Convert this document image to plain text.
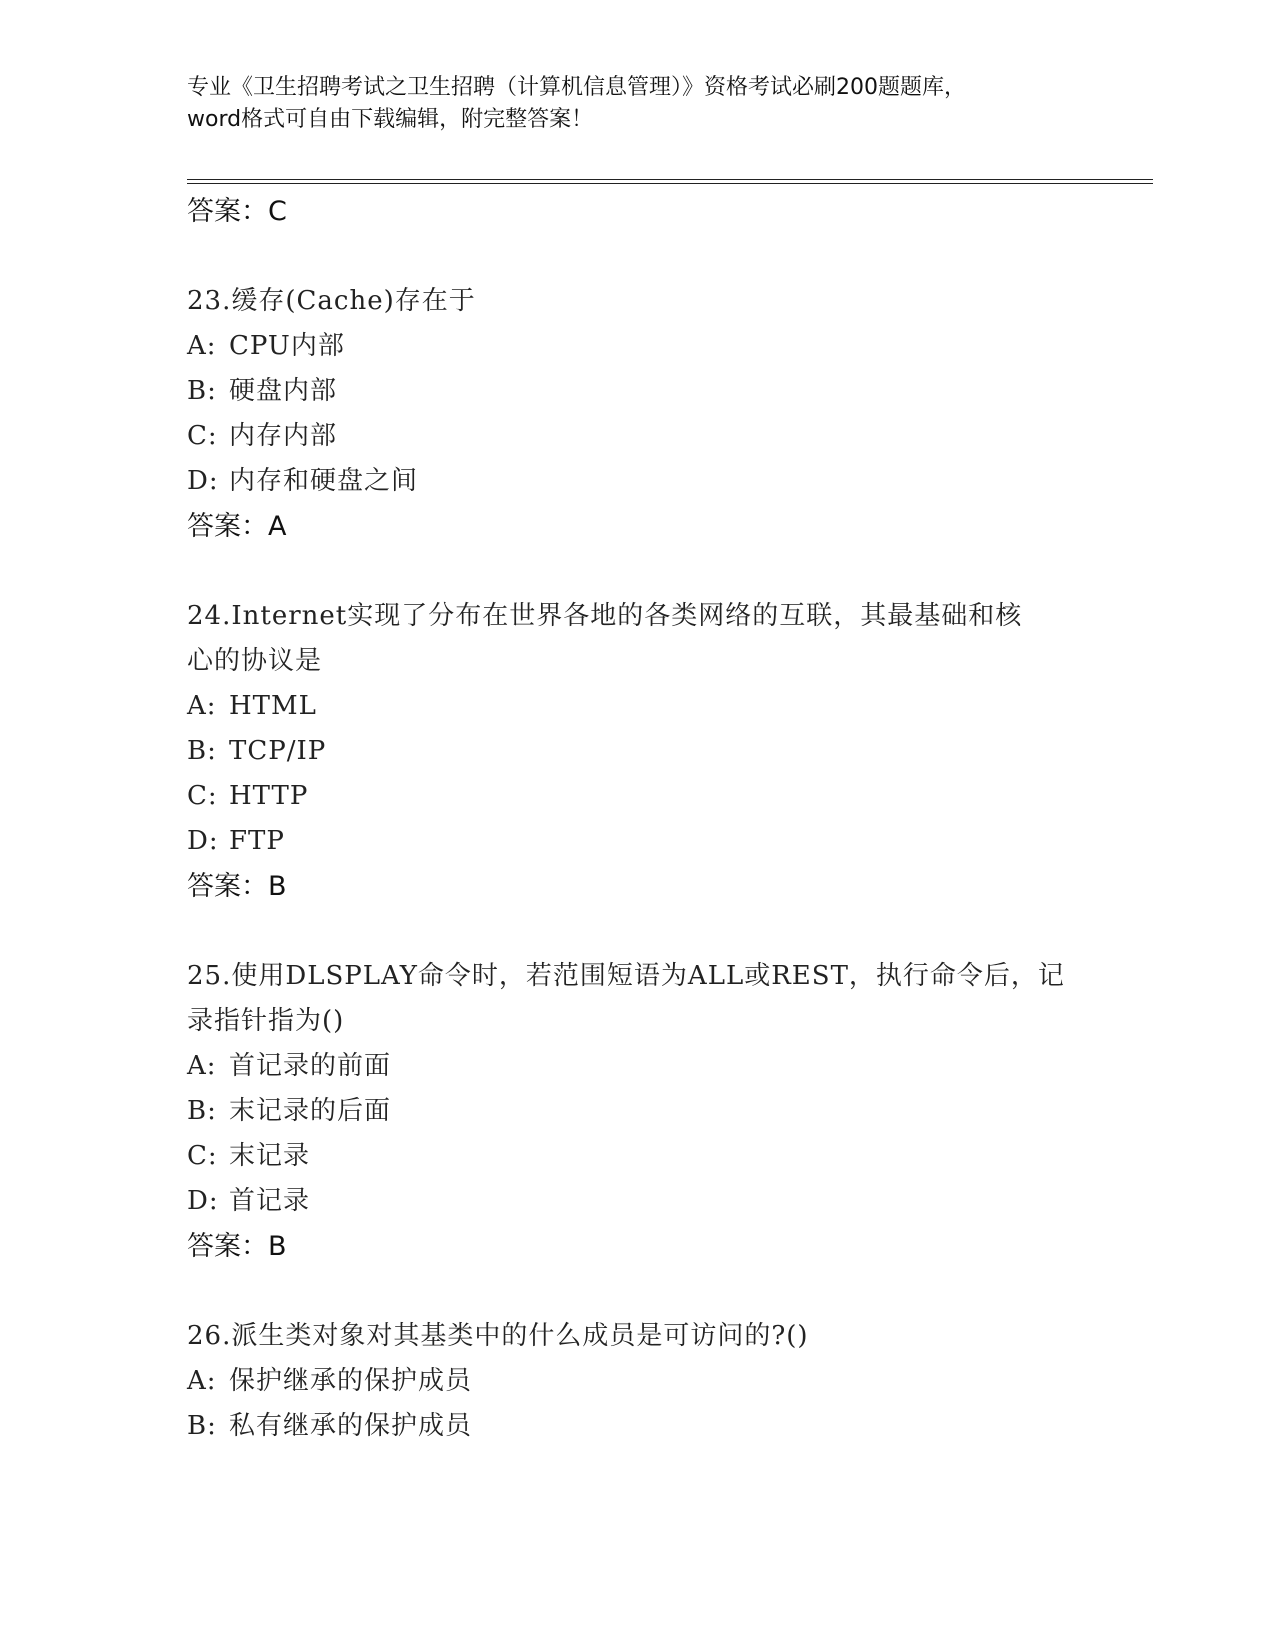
专业《卫生招聘考试之卫生招聘（计算机信息管理）》资格考试必刷200题题库，
word格式可自由下载编辑，附完整答案！
答案：C
23.缓存(Cache)存在于
A: CPU内部
B: 硬盘内部
C: 内存内部
D: 内存和硬盘之间
答案：A
24.Internet实现了分布在世界各地的各类网络的互联，其最基础和核
心的协议是
A: HTML
B: TCP/IP
C: HTTP
D: FTP
答案：B
25.使用DLSPLAY命令时，若范围短语为ALL或REST，执行命令后，记
录指针指为()
A: 首记录的前面
B: 末记录的后面
C: 末记录
D: 首记录
答案：B
26.派生类对象对其基类中的什么成员是可访问的?()
A: 保护继承的保护成员
B: 私有继承的保护成员
